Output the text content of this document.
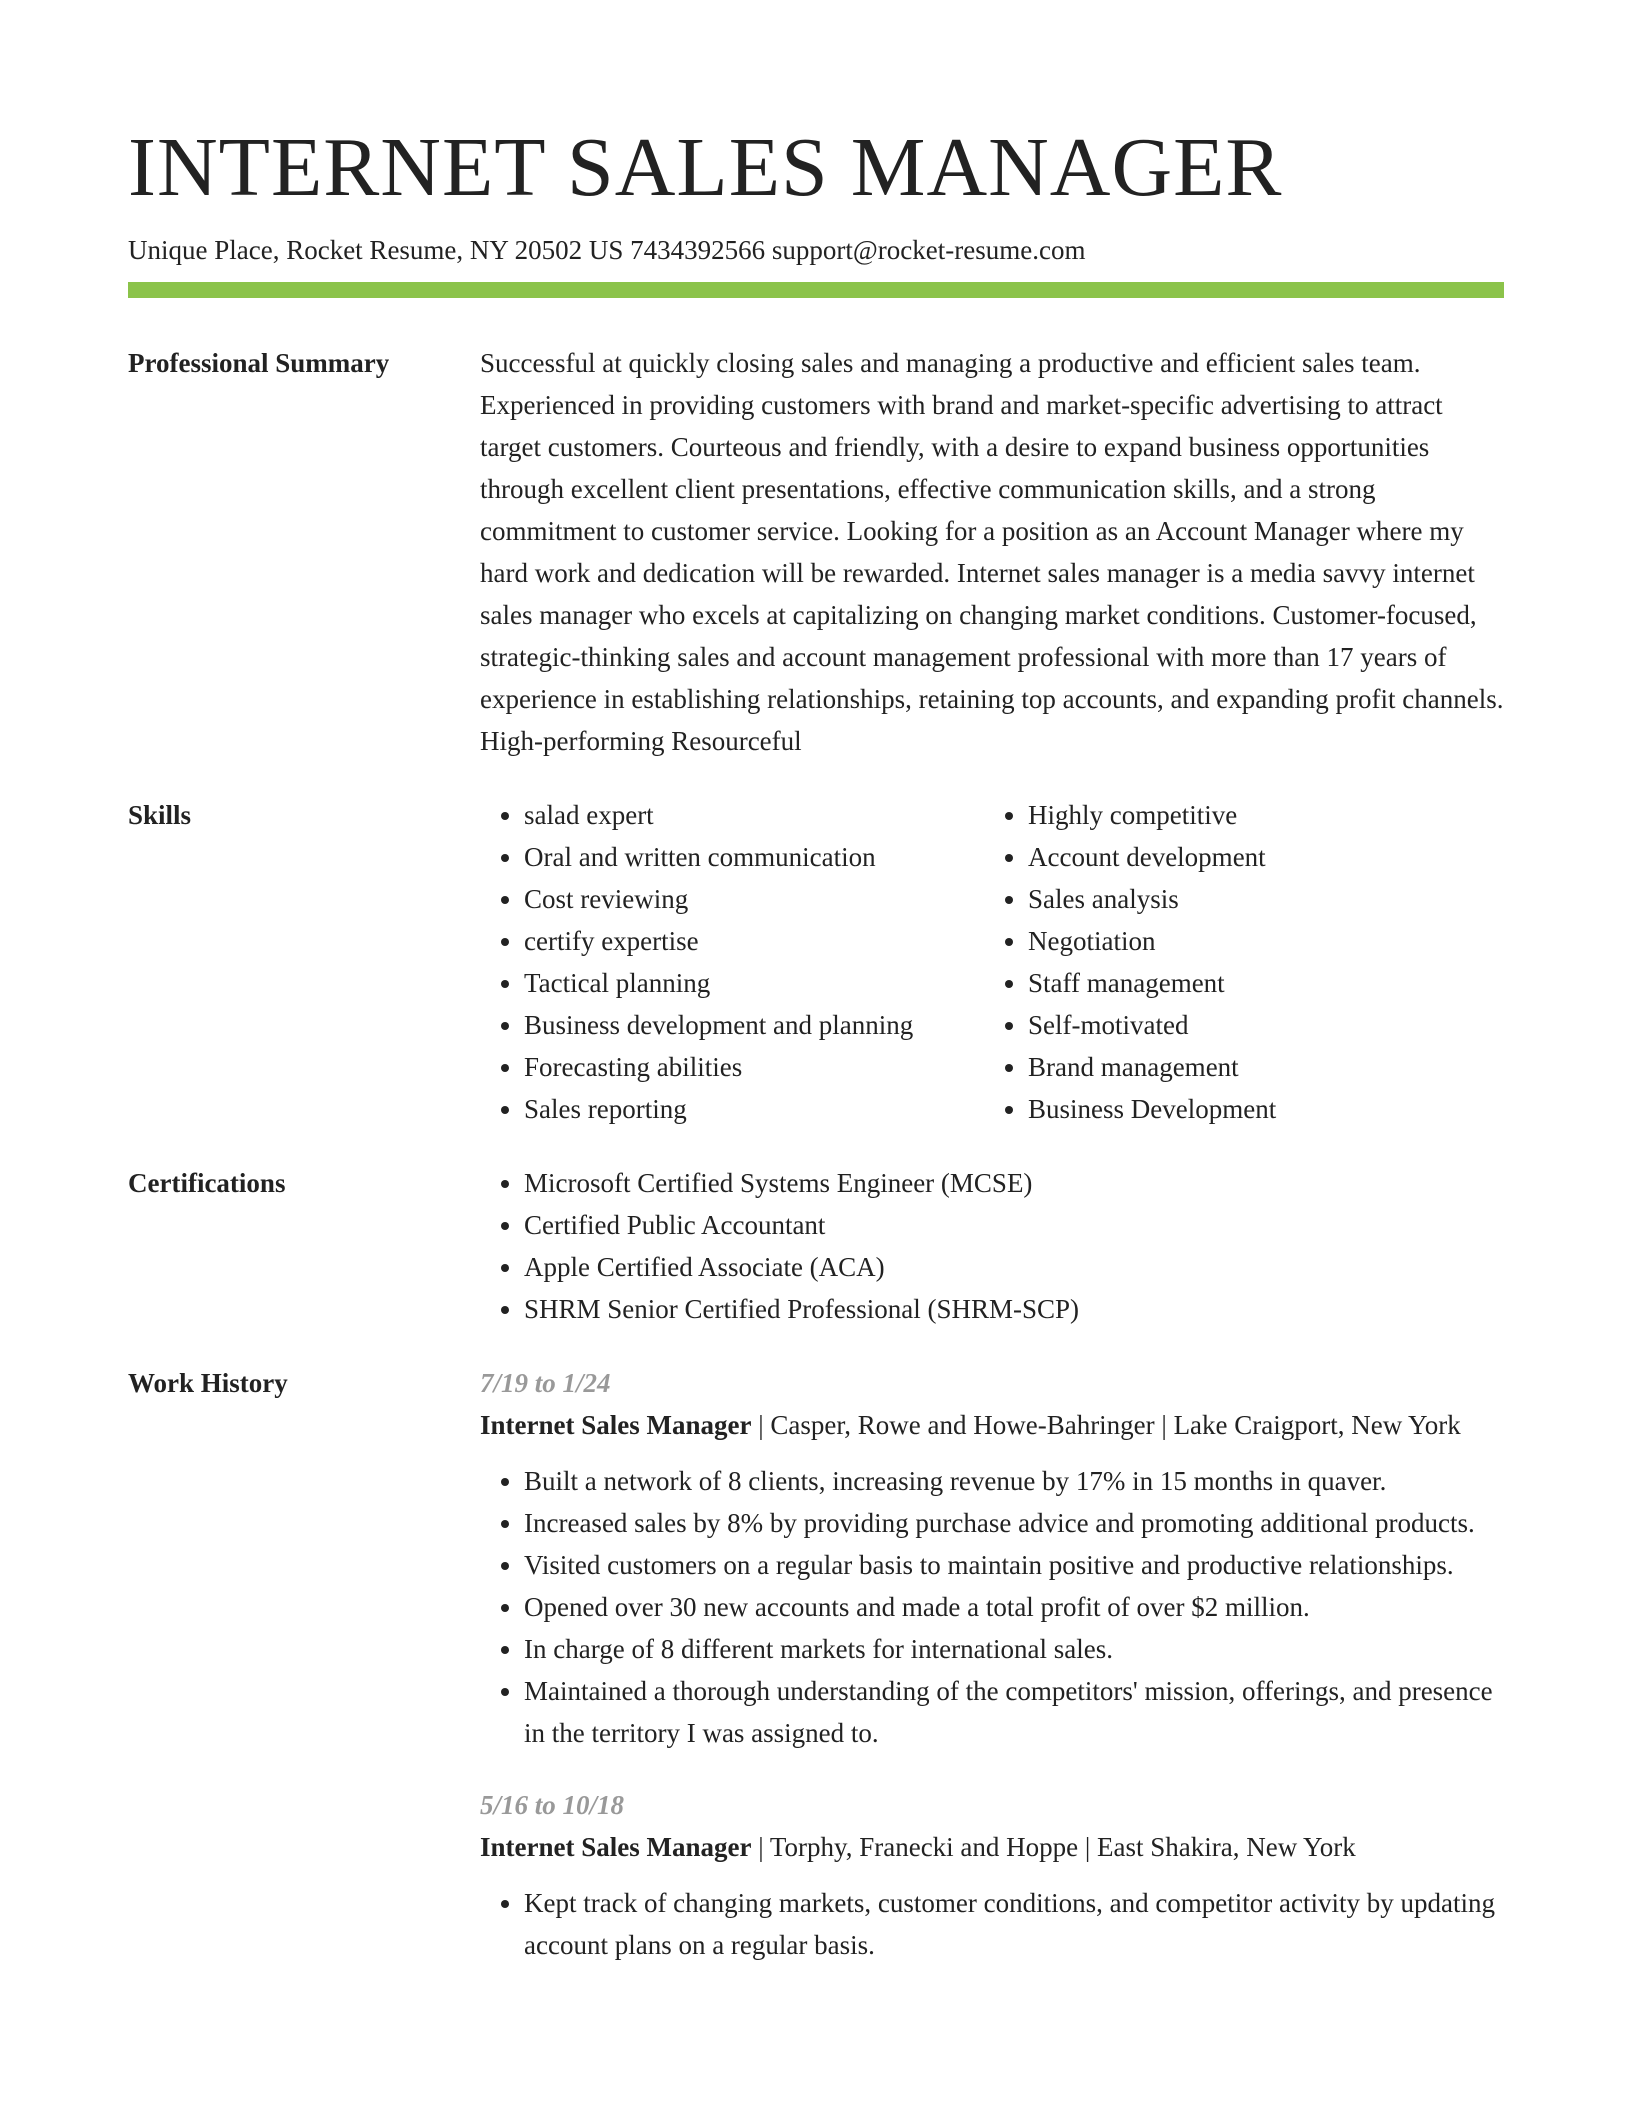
INTERNET SALES MANAGER
Unique Place, Rocket Resume, NY 20502 US 7434392566 support@rocket-resume.com
Professional Summary	Successful at quickly closing sales and managing a productive and efficient sales team. Experienced in providing customers with brand and market-specific advertising to attract target customers. Courteous and friendly, with a desire to expand business opportunities through excellent client presentations, effective communication skills, and a strong commitment to customer service. Looking for a position as an Account Manager where my hard work and dedication will be rewarded. Internet sales manager is a media savvy internet sales manager who excels at capitalizing on changing market conditions. Customer-focused, strategic-thinking sales and account management professional with more than 17 years of experience in establishing relationships, retaining top accounts, and expanding profit channels. High-performing Resourceful

Skills	• salad expert
• Oral and written communication
• Cost reviewing
• certify expertise
• Tactical planning
• Business development and planning
• Forecasting abilities
• Sales reporting
• Highly competitive
• Account development
• Sales analysis
• Negotiation
• Staff management
• Self-motivated
• Brand management
• Business Development
Certifications	• Microsoft Certified Systems Engineer (MCSE)
• Certified Public Accountant
• Apple Certified Associate (ACA)
• SHRM Senior Certified Professional (SHRM-SCP)
Work History	7/19 to 1/24
Internet Sales Manager | Casper, Rowe and Howe-Bahringer | Lake Craigport, New York
• Built a network of 8 clients, increasing revenue by 17% in 15 months in quaver.
• Increased sales by 8% by providing purchase advice and promoting additional products.
• Visited customers on a regular basis to maintain positive and productive relationships.
• Opened over 30 new accounts and made a total profit of over $2 million.
• In charge of 8 different markets for international sales.
• Maintained a thorough understanding of the competitors' mission, offerings, and presence in the territory I was assigned to.
5/16 to 10/18
Internet Sales Manager | Torphy, Franecki and Hoppe | East Shakira, New York
• Kept track of changing markets, customer conditions, and competitor activity by updating account plans on a regular basis.
